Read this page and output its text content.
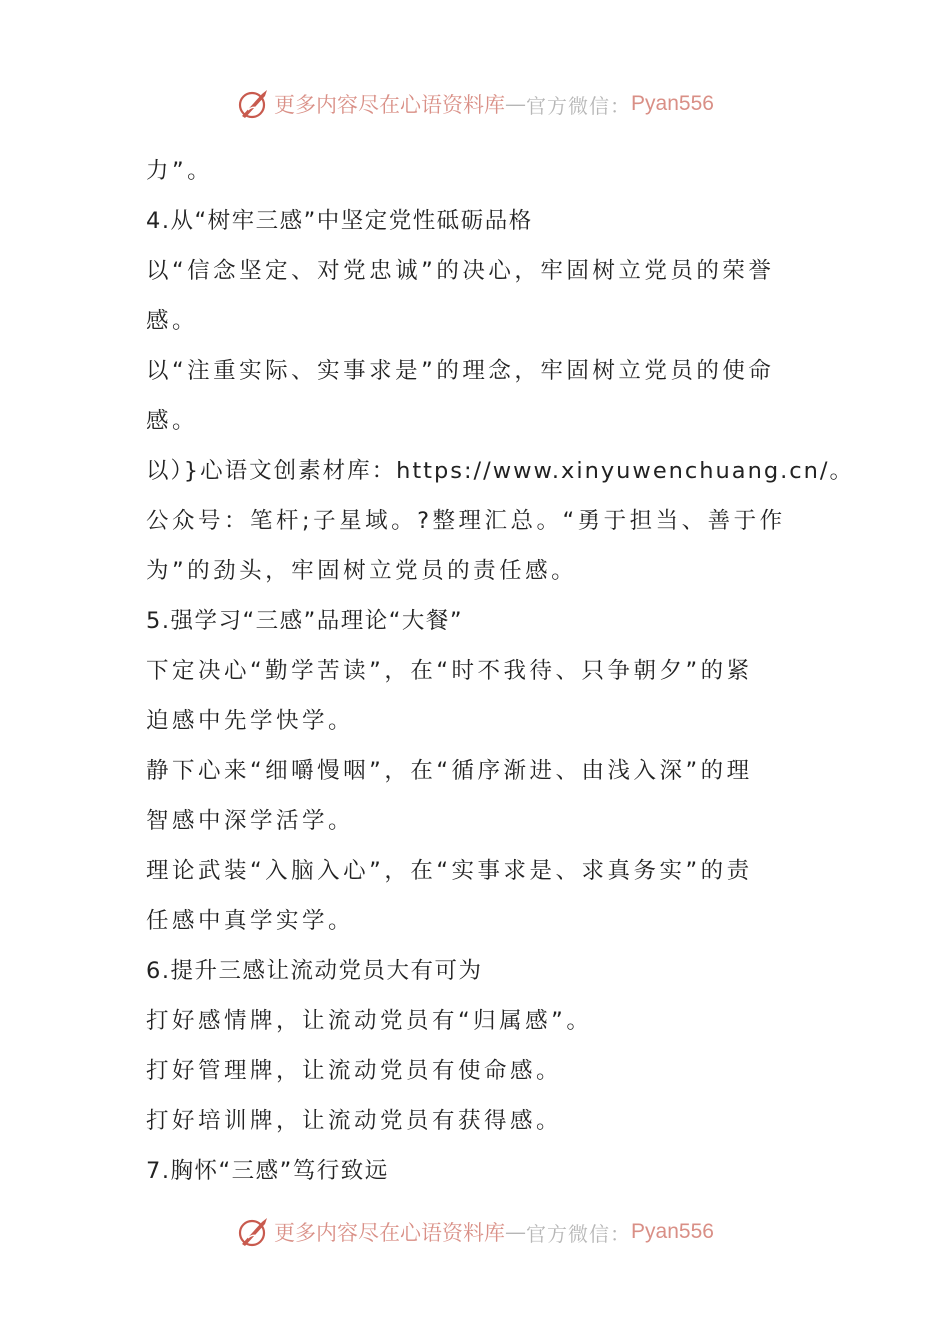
更多内容尽在心语资料库 — 官方微信： Pyan556
力”。
4.从“树牢三感”中坚定党性砥砺品格
以“信念坚定、对党忠诚”的决心，牢固树立党员的荣誉
感。
以“注重实际、实事求是”的理念，牢固树立党员的使命
感。
以）}心语文创素材库：https://www.xinyuwenchuang.cn/。
公众号：笔杆;子星域。?整理汇总。“勇于担当、善于作
为”的劲头，牢固树立党员的责任感。
5.强学习“三感”品理论“大餐”
下定决心“勤学苦读”，在“时不我待、只争朝夕”的紧
迫感中先学快学。
静下心来“细嚼慢咽”，在“循序渐进、由浅入深”的理
智感中深学活学。
理论武装“入脑入心”，在“实事求是、求真务实”的责
任感中真学实学。
6.提升三感让流动党员大有可为
打好感情牌，让流动党员有“归属感”。
打好管理牌，让流动党员有使命感。
打好培训牌，让流动党员有获得感。
7.胸怀“三感”笃行致远
更多内容尽在心语资料库 — 官方微信： Pyan556
